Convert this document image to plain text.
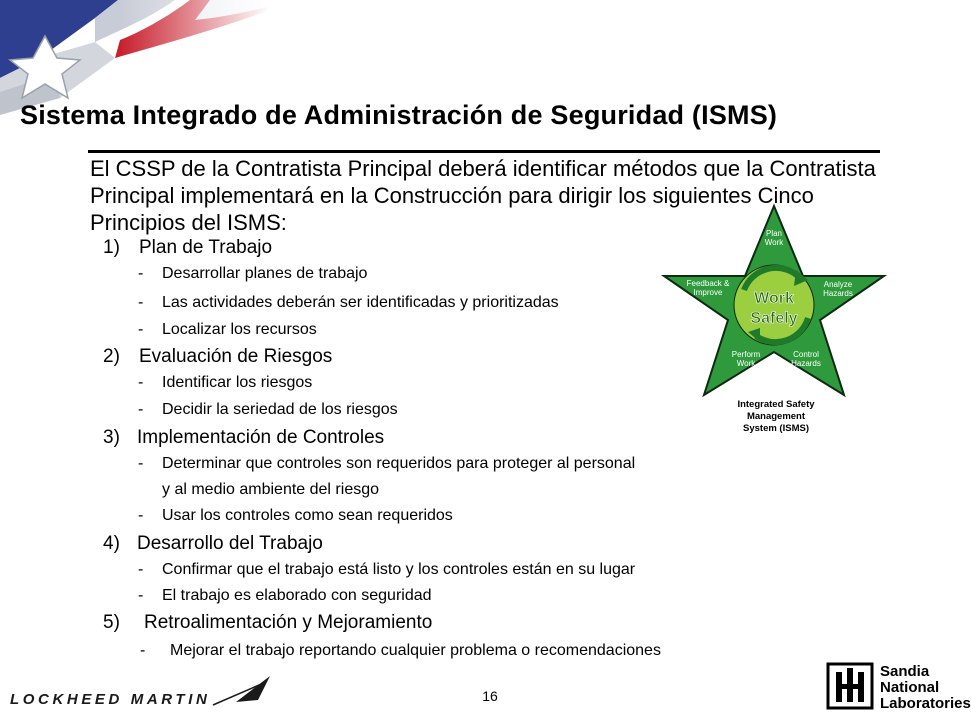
Sistema Integrado de Administración de Seguridad (ISMS)
El CSSP de la Contratista Principal deberá identificar métodos que la Contratista Principal implementará en la Construcción para dirigir los siguientes Cinco Principios del ISMS:
1) Plan de Trabajo
- Desarrollar planes de trabajo
- Las actividades deberán ser identificadas y prioritizadas
- Localizar los recursos
2) Evaluación de Riesgos
- Identificar los riesgos
- Decidir la seriedad de los riesgos
3) Implementación de Controles
- Determinar que controles son requeridos para proteger al personal
y al medio ambiente del riesgo
- Usar los controles como sean requeridos
4) Desarrollo del Trabajo
- Confirmar que el trabajo está listo y los controles están en su lugar
- El trabajo es elaborado con seguridad
5) Retroalimentación y Mejoramiento
- Mejorar el trabajo reportando cualquier problema o recomendaciones
Work
Safely
Plan
Work
Analyze
Hazards
Control
Hazards
Perform
Work
Feedback &
Improve
Integrated Safety
Management
System (ISMS)
LOCKHEED MARTIN	16
Sandia
National
Laboratories
